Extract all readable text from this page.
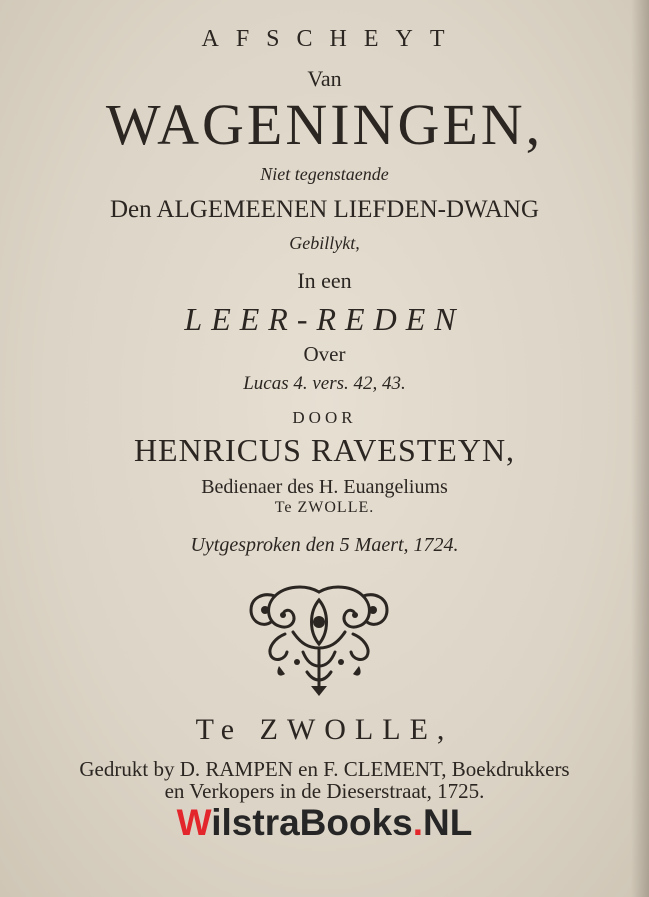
AFSCHEYT
Van
WAGENINGEN,
Niet tegenstaende
Den ALGEMEENEN LIEFDEN-DWANG
Gebillykt,
In een
LEER-REDEN
Over
Lucas 4. vers. 42, 43.
DOOR
HENRICUS RAVESTEYN,
Bedienaer des H. Euangeliums
Te ZWOLLE.
Uytgesproken den 5 Maert, 1724.
Te ZWOLLE,
Gedrukt by D. RAMPEN en F. CLEMENT, Boekdrukkers
en Verkopers in de Dieserstraat, 1725.
WilstraBooks.NL
